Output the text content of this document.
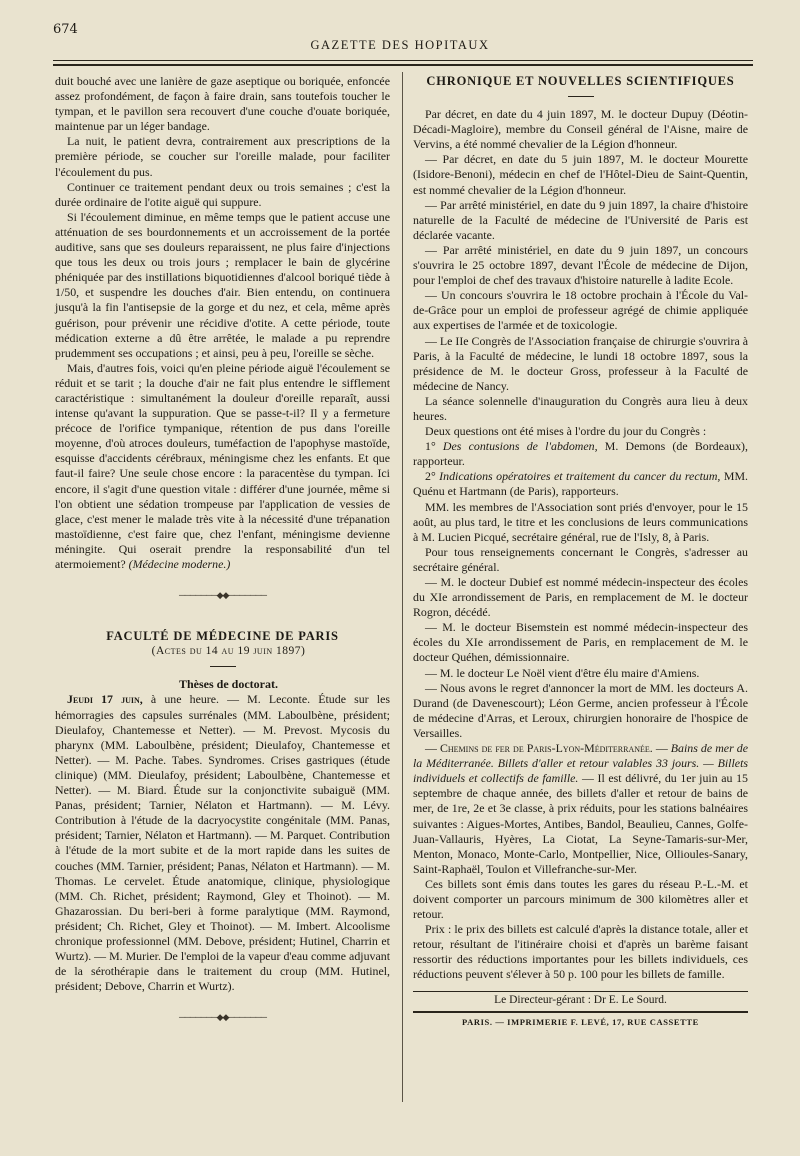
674
GAZETTE DES HOPITAUX

duit bouché avec une lanière de gaze aseptique ou boriquée, enfoncée assez profondément, de façon à faire drain, sans toutefois toucher le tympan, et le pavillon sera recouvert d'une couche d'ouate boriquée, maintenue par un léger bandage.

La nuit, le patient devra, contrairement aux prescriptions de la première période, se coucher sur l'oreille malade, pour faciliter l'écoulement du pus.

Continuer ce traitement pendant deux ou trois semaines ; c'est la durée ordinaire de l'otite aiguë qui suppure.

Si l'écoulement diminue, en même temps que le patient accuse une atténuation de ses bourdonnements et un accroissement de la portée auditive, sans que ses douleurs reparaissent, ne plus faire d'injections que tous les deux ou trois jours ; remplacer le bain de glycérine phéniquée par des instillations biquotidiennes d'alcool boriqué tiède à 1/50, et suspendre les douches d'air. Bien entendu, on continuera jusqu'à la fin l'antisepsie de la gorge et du nez, et cela, même après guérison, pour prévenir une récidive d'otite. A cette période, toute médication externe a dû être arrêtée, le malade a pu reprendre prudemment ses occupations ; et ainsi, peu à peu, l'oreille se sèche.

Mais, d'autres fois, voici qu'en pleine période aiguë l'écoulement se réduit et se tarit ; la douche d'air ne fait plus entendre le sifflement caractéristique : simultanément la douleur d'oreille reparaît, aussi intense qu'avant la suppuration. Que se passe-t-il? Il y a fermeture précoce de l'orifice tympanique, rétention de pus dans l'oreille moyenne, d'où atroces douleurs, tuméfaction de l'apophyse mastoïde, esquisse d'accidents cérébraux, méningisme chez les enfants. Et que faut-il faire? Une seule chose encore : la paracentèse du tympan. Ici encore, il s'agit d'une question vitale : différer d'une journée, même si l'on obtient une sédation trompeuse par l'application de vessies de glace, c'est mener le malade très vite à la nécessité d'une trépanation mastoïdienne, c'est faire que, chez l'enfant, méningisme devienne méningite. Qui oserait prendre la responsabilité d'un tel atermoiement? (Médecine moderne.)

───────◆◆───────
FACULTÉ DE MÉDECINE DE PARIS

(Actes du 14 au 19 juin 1897)

Thèses de doctorat.

Jeudi 17 juin, à une heure. — M. Leconte. Étude sur les hémorragies des capsules surrénales (MM. Laboulbène, président; Dieulafoy, Chantemesse et Netter). — M. Prevost. Mycosis du pharynx (MM. Laboulbène, président; Dieulafoy, Chantemesse et Netter). — M. Pache. Tabes. Syndromes. Crises gastriques (étude clinique) (MM. Dieulafoy, président; Laboulbène, Chantemesse et Netter). — M. Biard. Étude sur la conjonctivite subaiguë (MM. Panas, président; Tarnier, Nélaton et Hartmann). — M. Lévy. Contribution à l'étude de la dacryocystite congénitale (MM. Panas, président; Tarnier, Nélaton et Hartmann). — M. Parquet. Contribution à l'étude de la mort subite et de la mort rapide dans les suites de couches (MM. Tarnier, président; Panas, Nélaton et Hartmann). — M. Thomas. Le cervelet. Étude anatomique, clinique, physiologique (MM. Ch. Richet, président; Raymond, Gley et Thoinot). — M. Ghazarossian. Du beri-beri à forme paralytique (MM. Raymond, président; Ch. Richet, Gley et Thoinot). — M. Imbert. Alcoolisme chronique professionnel (MM. Debove, président; Hutinel, Charrin et Wurtz). — M. Murier. De l'emploi de la vapeur d'eau comme adjuvant de la sérothérapie dans le traitement du croup (MM. Hutinel, président; Debove, Charrin et Wurtz).

───────◆◆───────
CHRONIQUE ET NOUVELLES SCIENTIFIQUES

Par décret, en date du 4 juin 1897, M. le docteur Dupuy (Déotin-Décadi-Magloire), membre du Conseil général de l'Aisne, maire de Vervins, a été nommé chevalier de la Légion d'honneur.

— Par décret, en date du 5 juin 1897, M. le docteur Mourette (Isidore-Benoni), médecin en chef de l'Hôtel-Dieu de Saint-Quentin, est nommé chevalier de la Légion d'honneur.

— Par arrêté ministériel, en date du 9 juin 1897, la chaire d'histoire naturelle de la Faculté de médecine de l'Université de Paris est déclarée vacante.

— Par arrêté ministériel, en date du 9 juin 1897, un concours s'ouvrira le 25 octobre 1897, devant l'École de médecine de Dijon, pour l'emploi de chef des travaux d'histoire naturelle à ladite Ecole.

— Un concours s'ouvrira le 18 octobre prochain à l'École du Val-de-Grâce pour un emploi de professeur agrégé de chimie appliquée aux expertises de l'armée et de toxicologie.

— Le IIe Congrès de l'Association française de chirurgie s'ouvrira à Paris, à la Faculté de médecine, le lundi 18 octobre 1897, sous la présidence de M. le docteur Gross, professeur à la Faculté de médecine de Nancy.

La séance solennelle d'inauguration du Congrès aura lieu à deux heures.

Deux questions ont été mises à l'ordre du jour du Congrès :

1° Des contusions de l'abdomen, M. Demons (de Bordeaux), rapporteur.

2° Indications opératoires et traitement du cancer du rectum, MM. Quénu et Hartmann (de Paris), rapporteurs.

MM. les membres de l'Association sont priés d'envoyer, pour le 15 août, au plus tard, le titre et les conclusions de leurs communications à M. Lucien Picqué, secrétaire général, rue de l'Isly, 8, à Paris.

Pour tous renseignements concernant le Congrès, s'adresser au secrétaire général.

— M. le docteur Dubief est nommé médecin-inspecteur des écoles du XIe arrondissement de Paris, en remplacement de M. le docteur Rogron, décédé.

— M. le docteur Bisemstein est nommé médecin-inspecteur des écoles du XIe arrondissement de Paris, en remplacement de M. le docteur Quéhen, démissionnaire.

— M. le docteur Le Noël vient d'être élu maire d'Amiens.

— Nous avons le regret d'annoncer la mort de MM. les docteurs A. Durand (de Davenescourt); Léon Germe, ancien professeur à l'École de médecine d'Arras, et Leroux, chirurgien honoraire de l'hospice de Versailles.

— Chemins de fer de Paris-Lyon-Méditerranée. — Bains de mer de la Méditerranée. Billets d'aller et retour valables 33 jours. — Billets individuels et collectifs de famille. — Il est délivré, du 1er juin au 15 septembre de chaque année, des billets d'aller et retour de bains de mer, de 1re, 2e et 3e classe, à prix réduits, pour les stations balnéaires suivantes : Aigues-Mortes, Antibes, Bandol, Beaulieu, Cannes, Golfe-Juan-Vallauris, Hyères, La Ciotat, La Seyne-Tamaris-sur-Mer, Menton, Monaco, Monte-Carlo, Montpellier, Nice, Ollioules-Sanary, Saint-Raphaël, Toulon et Villefranche-sur-Mer.

Ces billets sont émis dans toutes les gares du réseau P.-L.-M. et doivent comporter un parcours minimum de 300 kilomètres aller et retour.

Prix : le prix des billets est calculé d'après la distance totale, aller et retour, résultant de l'itinéraire choisi et d'après un barème faisant ressortir des réductions importantes pour les billets individuels, ces réductions peuvent s'élever à 50 p. 100 pour les billets de famille.

Le Directeur-gérant : Dr E. Le Sourd.
PARIS. — IMPRIMERIE F. LEVÉ, 17, RUE CASSETTE
